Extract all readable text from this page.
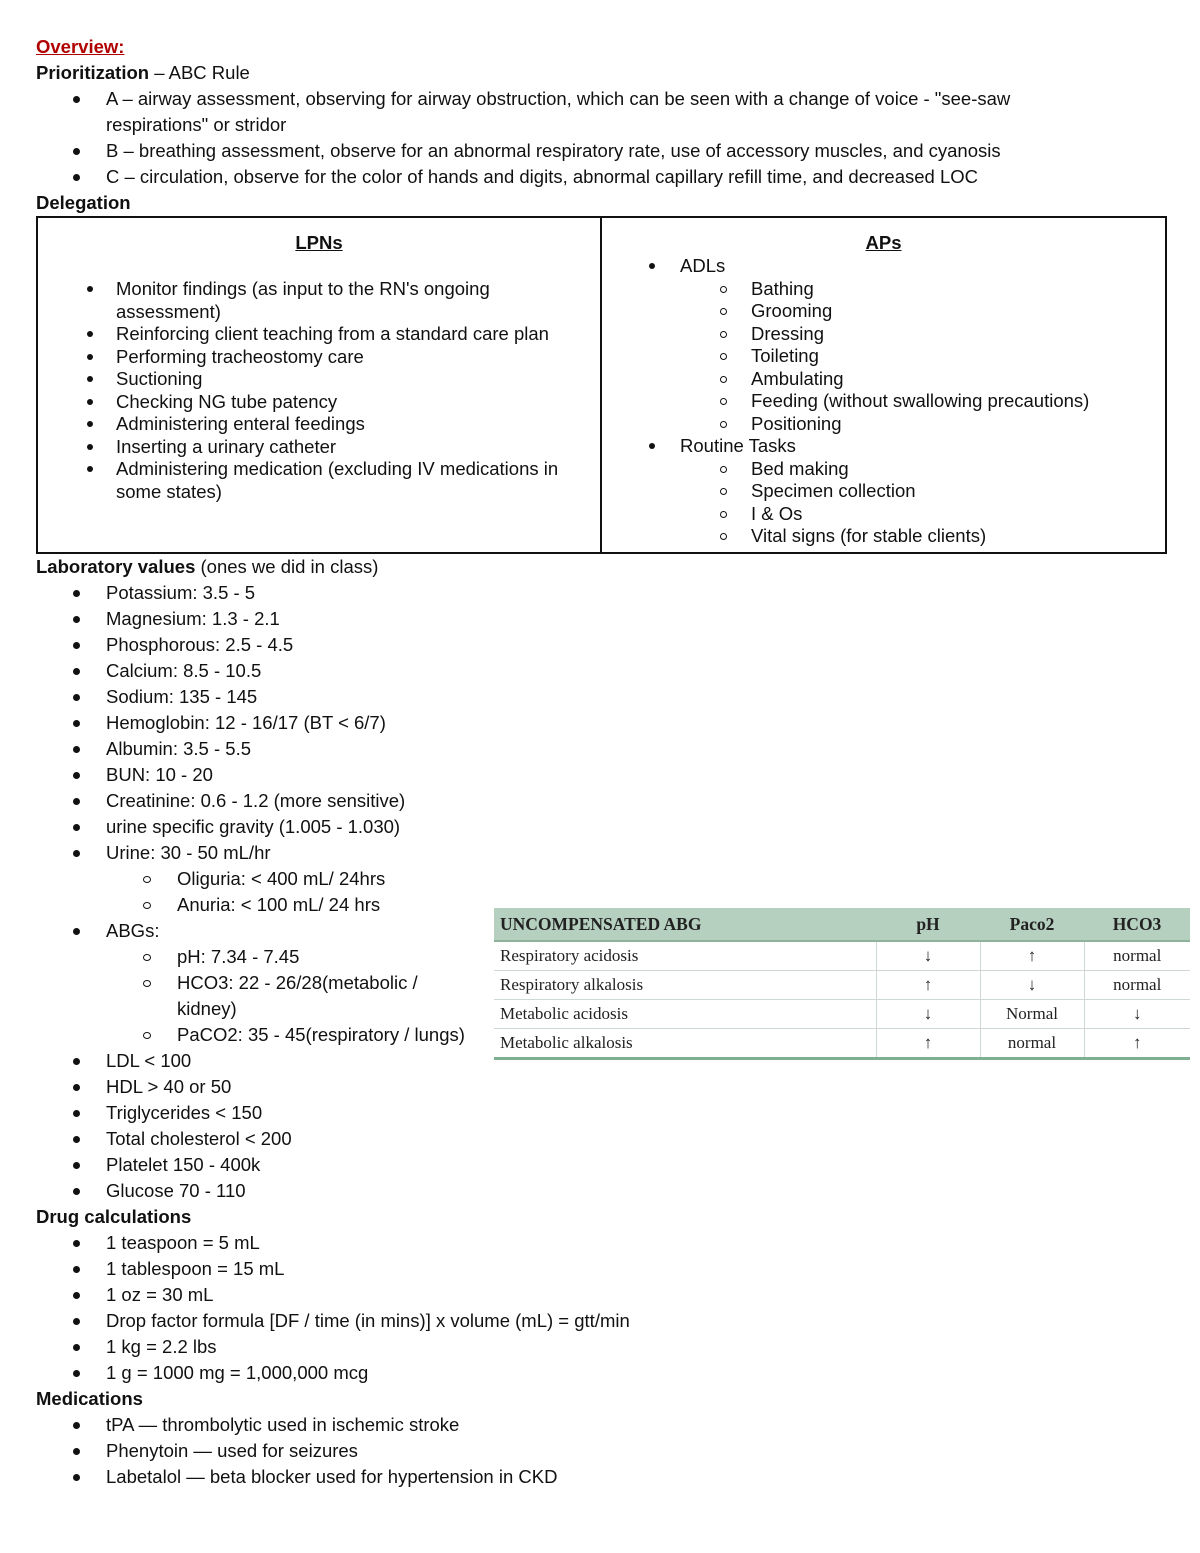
Overview:
Prioritization – ABC Rule
A – airway assessment, observing for airway obstruction, which can be seen with a change of voice - "see-saw respirations" or stridor
B – breathing assessment, observe for an abnormal respiratory rate, use of accessory muscles, and cyanosis
C – circulation, observe for the color of hands and digits, abnormal capillary refill time, and decreased LOC
Delegation
LPNs
Monitor findings (as input to the RN's ongoing assessment)
Reinforcing client teaching from a standard care plan
Performing tracheostomy care
Suctioning
Checking NG tube patency
Administering enteral feedings
Inserting a urinary catheter
Administering medication (excluding IV medications in some states)
APs
ADLs
Bathing
Grooming
Dressing
Toileting
Ambulating
Feeding (without swallowing precautions)
Positioning
Routine Tasks
Bed making
Specimen collection
I & Os
Vital signs (for stable clients)
Laboratory values (ones we did in class)
Potassium: 3.5 - 5
Magnesium: 1.3 - 2.1
Phosphorous: 2.5 - 4.5
Calcium: 8.5 - 10.5
Sodium: 135 - 145
Hemoglobin: 12 - 16/17 (BT < 6/7)
Albumin: 3.5 - 5.5
BUN: 10 - 20
Creatinine: 0.6 - 1.2 (more sensitive)
urine specific gravity (1.005 - 1.030)
Urine: 30 - 50 mL/hr
Oliguria: < 400 mL/ 24hrs
Anuria: < 100 mL/ 24 hrs
ABGs:
pH: 7.34 - 7.45
HCO3: 22 - 26/28(metabolic / kidney)
PaCO2: 35 - 45(respiratory / lungs)
LDL < 100
HDL > 40 or 50
Triglycerides < 150
Total cholesterol < 200
Platelet 150 - 400k
Glucose 70 - 110
Drug calculations
1 teaspoon = 5 mL
1 tablespoon = 15 mL
1 oz = 30 mL
Drop factor formula [DF / time (in mins)] x volume (mL) = gtt/min
1 kg = 2.2 lbs
1 g = 1000 mg = 1,000,000 mcg
Medications
tPA — thrombolytic used in ischemic stroke
Phenytoin — used for seizures
Labetalol — beta blocker used for hypertension in CKD
UNCOMPENSATED ABG	pH	Paco2	HCO3
Respiratory acidosis	↓	↑	normal
Respiratory alkalosis	↑	↓	normal
Metabolic acidosis	↓	Normal	↓
Metabolic alkalosis	↑	normal	↑
